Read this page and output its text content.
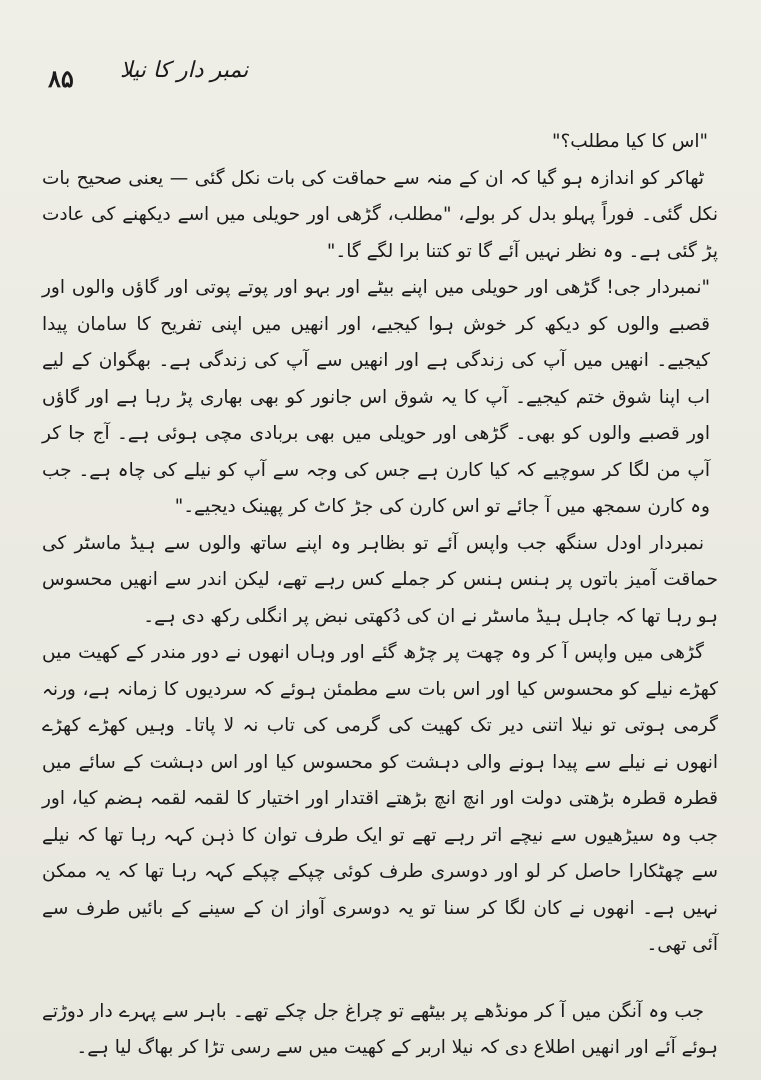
۸۵ نمبر دار کا نیلا

"اس کا کیا مطلب؟"

ٹھاکر کو اندازہ ہو گیا کہ ان کے منہ سے حماقت کی بات نکل گئی — یعنی صحیح بات نکل گئی۔ فوراً پہلو بدل کر بولے، "مطلب، گڑھی اور حویلی میں اسے دیکھنے کی عادت پڑ گئی ہے۔ وہ نظر نہیں آئے گا تو کتنا برا لگے گا۔"

"نمبردار جی! گڑھی اور حویلی میں اپنے بیٹے اور بہو اور پوتے پوتی اور گاؤں والوں اور قصبے والوں کو دیکھ کر خوش ہوا کیجیے، اور انھیں میں اپنی تفریح کا سامان پیدا کیجیے۔ انھیں میں آپ کی زندگی ہے اور انھیں سے آپ کی زندگی ہے۔ بھگوان کے لیے اب اپنا شوق ختم کیجیے۔ آپ کا یہ شوق اس جانور کو بھی بھاری پڑ رہا ہے اور گاؤں اور قصبے والوں کو بھی۔ گڑھی اور حویلی میں بھی بربادی مچی ہوئی ہے۔ آج جا کر آپ من لگا کر سوچیے کہ کیا کارن ہے جس کی وجہ سے آپ کو نیلے کی چاہ ہے۔ جب وہ کارن سمجھ میں آ جائے تو اس کارن کی جڑ کاٹ کر پھینک دیجیے۔"

نمبردار اودل سنگھ جب واپس آئے تو بظاہر وہ اپنے ساتھ والوں سے ہیڈ ماسٹر کی حماقت آمیز باتوں پر ہنس ہنس کر جملے کس رہے تھے، لیکن اندر سے انھیں محسوس ہو رہا تھا کہ جاہل ہیڈ ماسٹر نے ان کی دُکھتی نبض پر انگلی رکھ دی ہے۔

گڑھی میں واپس آ کر وہ چھت پر چڑھ گئے اور وہاں انھوں نے دور مندر کے کھیت میں کھڑے نیلے کو محسوس کیا اور اس بات سے مطمئن ہوئے کہ سردیوں کا زمانہ ہے، ورنہ گرمی ہوتی تو نیلا اتنی دیر تک کھیت کی گرمی کی تاب نہ لا پاتا۔ وہیں کھڑے کھڑے انھوں نے نیلے سے پیدا ہونے والی دہشت کو محسوس کیا اور اس دہشت کے سائے میں قطرہ قطرہ بڑھتی دولت اور انچ انچ بڑھتے اقتدار اور اختیار کا لقمہ لقمہ ہضم کیا، اور جب وہ سیڑھیوں سے نیچے اتر رہے تھے تو ایک طرف توان کا ذہن کہہ رہا تھا کہ نیلے سے چھٹکارا حاصل کر لو اور دوسری طرف کوئی چپکے چپکے کہہ رہا تھا کہ یہ ممکن نہیں ہے۔ انھوں نے کان لگا کر سنا تو یہ دوسری آواز ان کے سینے کے بائیں طرف سے آئی تھی۔

جب وہ آنگن میں آ کر مونڈھے پر بیٹھے تو چراغ جل چکے تھے۔ باہر سے پہرے دار دوڑتے ہوئے آئے اور انھیں اطلاع دی کہ نیلا اربر کے کھیت میں سے رسی تڑا کر بھاگ لیا ہے۔
